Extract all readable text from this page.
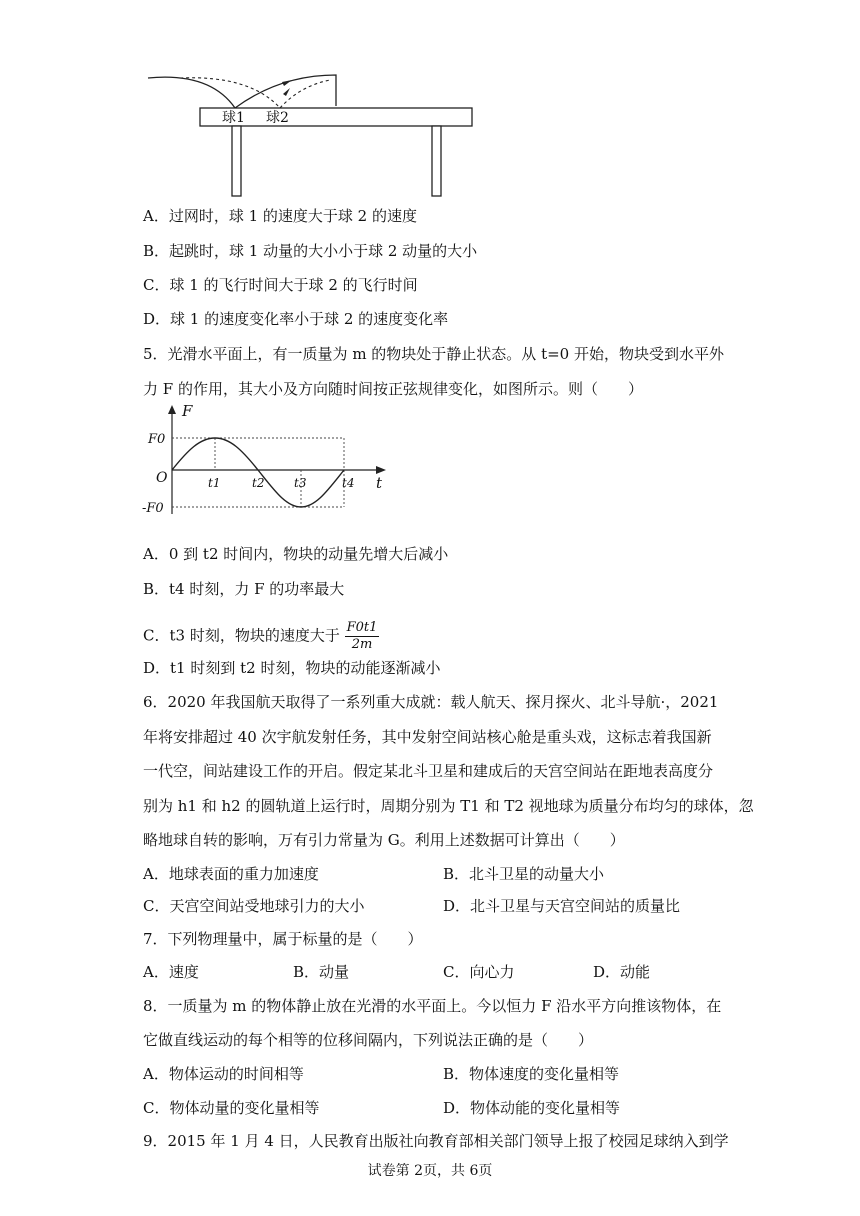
球1 球2
A．过网时，球 1 的速度大于球 2 的速度
B．起跳时，球 1 动量的大小小于球 2 动量的大小
C．球 1 的飞行时间大于球 2 的飞行时间
D．球 1 的速度变化率小于球 2 的速度变化率
5．光滑水平面上，有一质量为 m 的物块处于静止状态。从 t=0 开始，物块受到水平外
力 F 的作用，其大小及方向随时间按正弦规律变化，如图所示。则（　　）
F
t
O
F0
-F0
t1	t2 t3	t4
A．0 到 t2 时间内，物块的动量先增大后减小
B．t4 时刻，力 F 的功率最大
C．t3 时刻，物块的速度大于 $\frac{F0t1}{2m}$
D．t1 时刻到 t2 时刻，物块的动能逐渐减小
6．2020 年我国航天取得了一系列重大成就：载人航天、探月探火、北斗导航·，2021
年将安排超过 40 次宇航发射任务，其中发射空间站核心舱是重头戏，这标志着我国新
一代空，间站建设工作的开启。假定某北斗卫星和建成后的天宫空间站在距地表高度分
别为 h1 和 h2 的圆轨道上运行时，周期分别为 T1 和 T2 视地球为质量分布均匀的球体，忽
略地球自转的影响，万有引力常量为 G。利用上述数据可计算出（　　）
A．地球表面的重力加速度	B．北斗卫星的动量大小
C．天宫空间站受地球引力的大小	D．北斗卫星与天宫空间站的质量比
7．下列物理量中，属于标量的是（　　）
A．速度	B．动量	C．向心力	D．动能
8．一质量为 m 的物体静止放在光滑的水平面上。今以恒力 F 沿水平方向推该物体，在
它做直线运动的每个相等的位移间隔内，下列说法正确的是（　　）
A．物体运动的时间相等	B．物体速度的变化量相等
C．物体动量的变化量相等	D．物体动能的变化量相等
9．2015 年 1 月 4 日，人民教育出版社向教育部相关部门领导上报了校园足球纳入到学
试卷第 2页，共 6页
